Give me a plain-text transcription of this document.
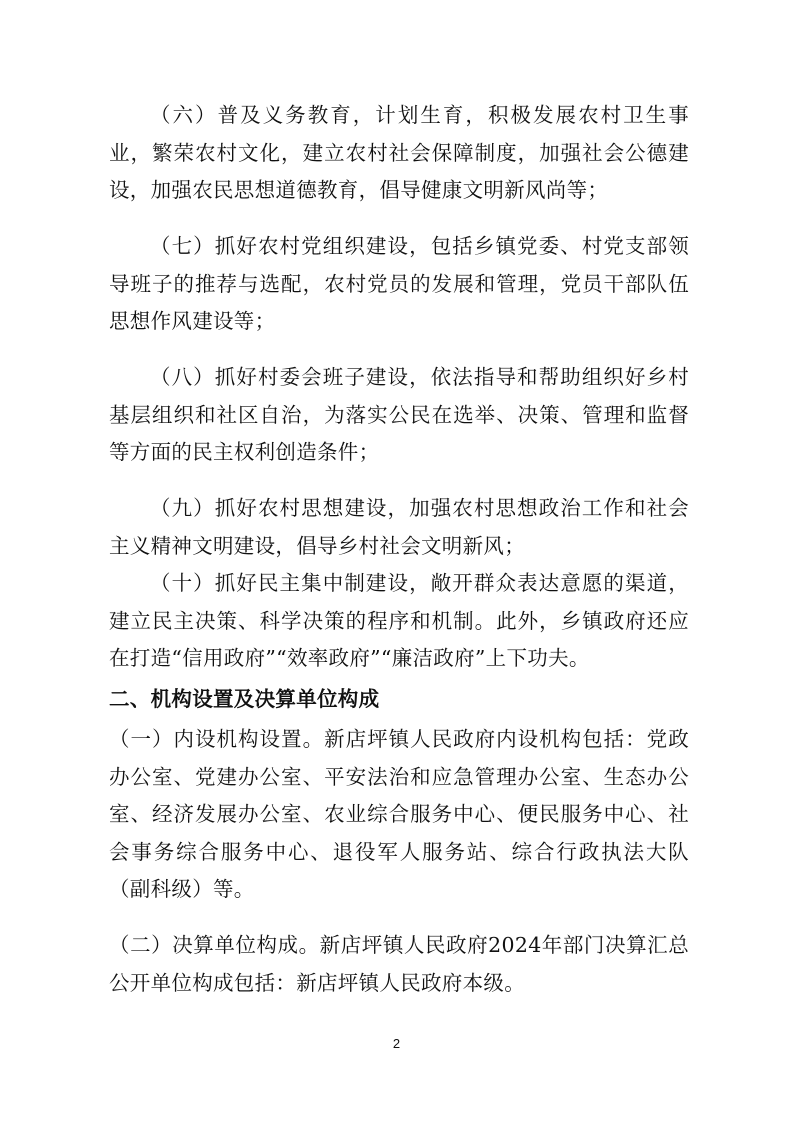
（六）普及义务教育，计划生育，积极发展农村卫生事业，繁荣农村文化，建立农村社会保障制度，加强社会公德建设，加强农民思想道德教育，倡导健康文明新风尚等；

（七）抓好农村党组织建设，包括乡镇党委、村党支部领导班子的推荐与选配，农村党员的发展和管理，党员干部队伍思想作风建设等；

（八）抓好村委会班子建设，依法指导和帮助组织好乡村基层组织和社区自治，为落实公民在选举、决策、管理和监督等方面的民主权利创造条件；

（九）抓好农村思想建设，加强农村思想政治工作和社会主义精神文明建设，倡导乡村社会文明新风；

（十）抓好民主集中制建设，敞开群众表达意愿的渠道，建立民主决策、科学决策的程序和机制。此外，乡镇政府还应在打造“信用政府”“效率政府”“廉洁政府”上下功夫。

二、机构设置及决算单位构成

（一）内设机构设置。新店坪镇人民政府内设机构包括：党政办公室、党建办公室、平安法治和应急管理办公室、生态办公室、经济发展办公室、农业综合服务中心、便民服务中心、社会事务综合服务中心、退役军人服务站、综合行政执法大队（副科级）等。

（二）决算单位构成。新店坪镇人民政府2024年部门决算汇总公开单位构成包括：新店坪镇人民政府本级。

2
